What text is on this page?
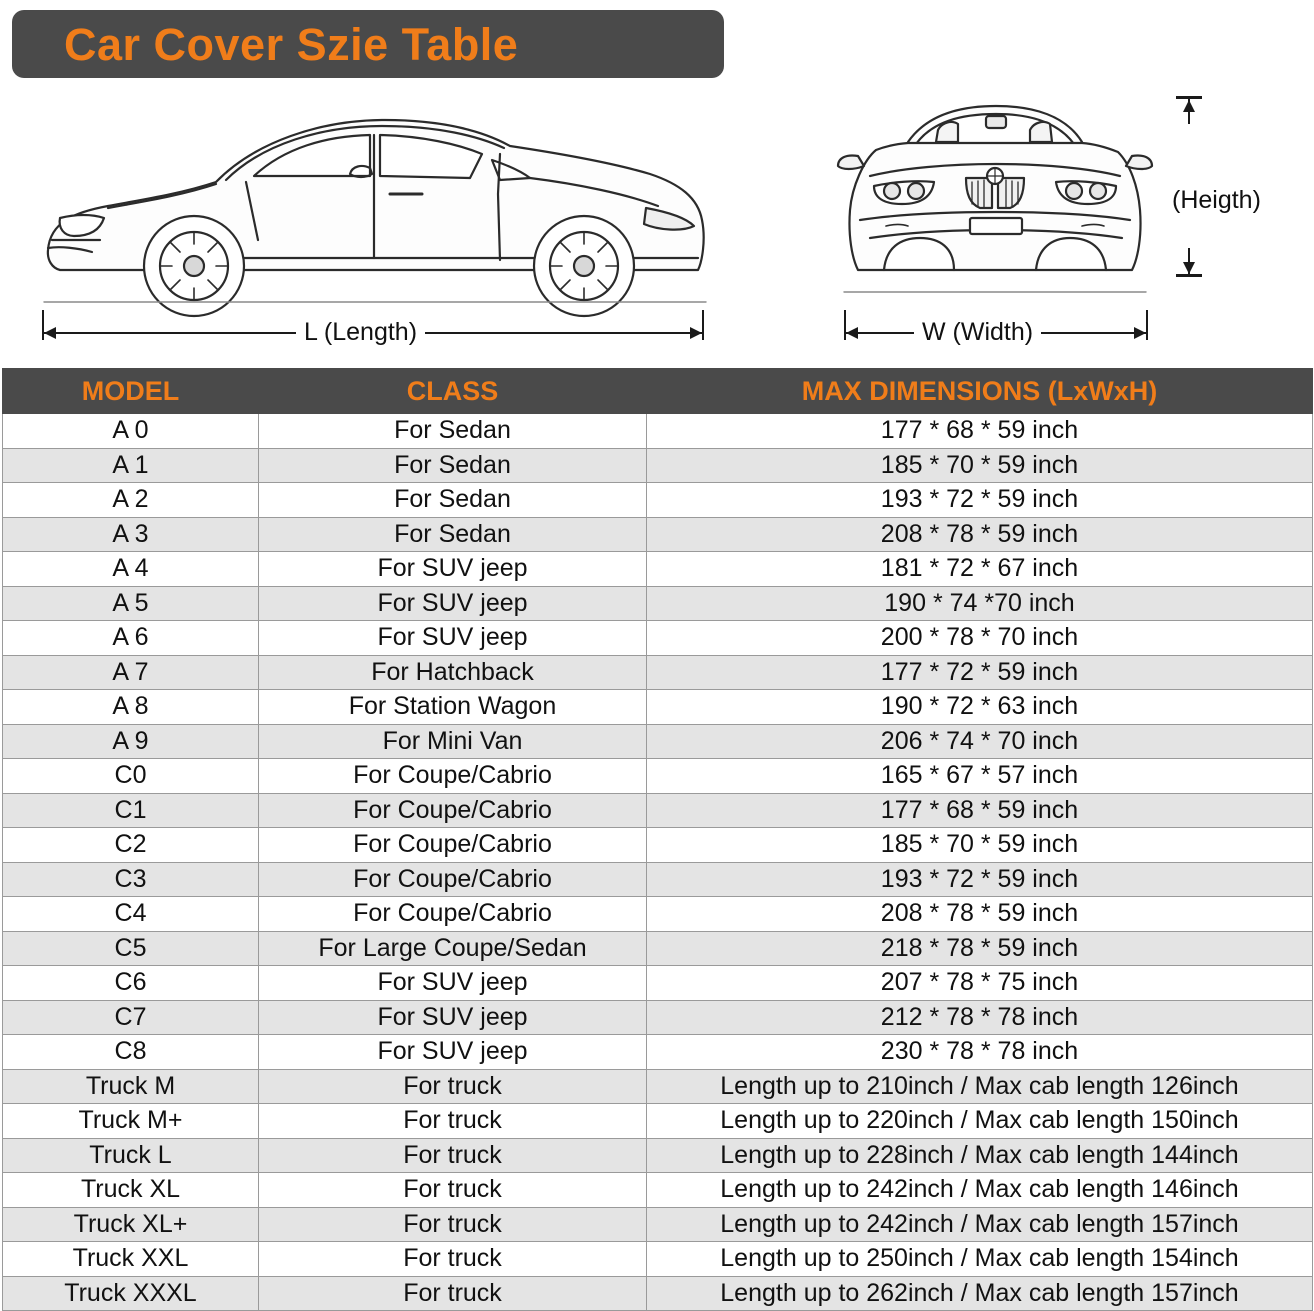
Car Cover Szie Table
L (Length)	W (Width)
(Heigth)
MODEL	CLASS	MAX DIMENSIONS (LxWxH)
A 0	For Sedan	177 * 68 * 59 inch
A 1	For Sedan	185 * 70 * 59 inch
A 2	For Sedan	193 * 72 * 59 inch
A 3	For Sedan	208 * 78 * 59 inch
A 4	For SUV jeep	181 * 72 * 67 inch
A 5	For SUV jeep	190 * 74 *70 inch
A 6	For SUV jeep	200 * 78 * 70 inch
A 7	For Hatchback	177 * 72 * 59 inch
A 8	For Station Wagon	190 * 72 * 63 inch
A 9	For Mini Van	206 * 74 * 70 inch
C0	For Coupe/Cabrio	165 * 67 * 57 inch
C1	For Coupe/Cabrio	177 * 68 * 59 inch
C2	For Coupe/Cabrio	185 * 70 * 59 inch
C3	For Coupe/Cabrio	193 * 72 * 59 inch
C4	For Coupe/Cabrio	208 * 78 * 59 inch
C5	For Large Coupe/Sedan	218 * 78 * 59 inch
C6	For SUV jeep	207 * 78 * 75 inch
C7	For SUV jeep	212 * 78 * 78 inch
C8	For SUV jeep	230 * 78 * 78 inch
Truck M	For truck	Length up to 210inch / Max cab length 126inch
Truck M+	For truck	Length up to 220inch / Max cab length 150inch
Truck L	For truck	Length up to 228inch / Max cab length 144inch
Truck XL	For truck	Length up to 242inch / Max cab length 146inch
Truck XL+	For truck	Length up to 242inch / Max cab length 157inch
Truck XXL	For truck	Length up to 250inch / Max cab length 154inch
Truck XXXL	For truck	Length up to 262inch / Max cab length 157inch
